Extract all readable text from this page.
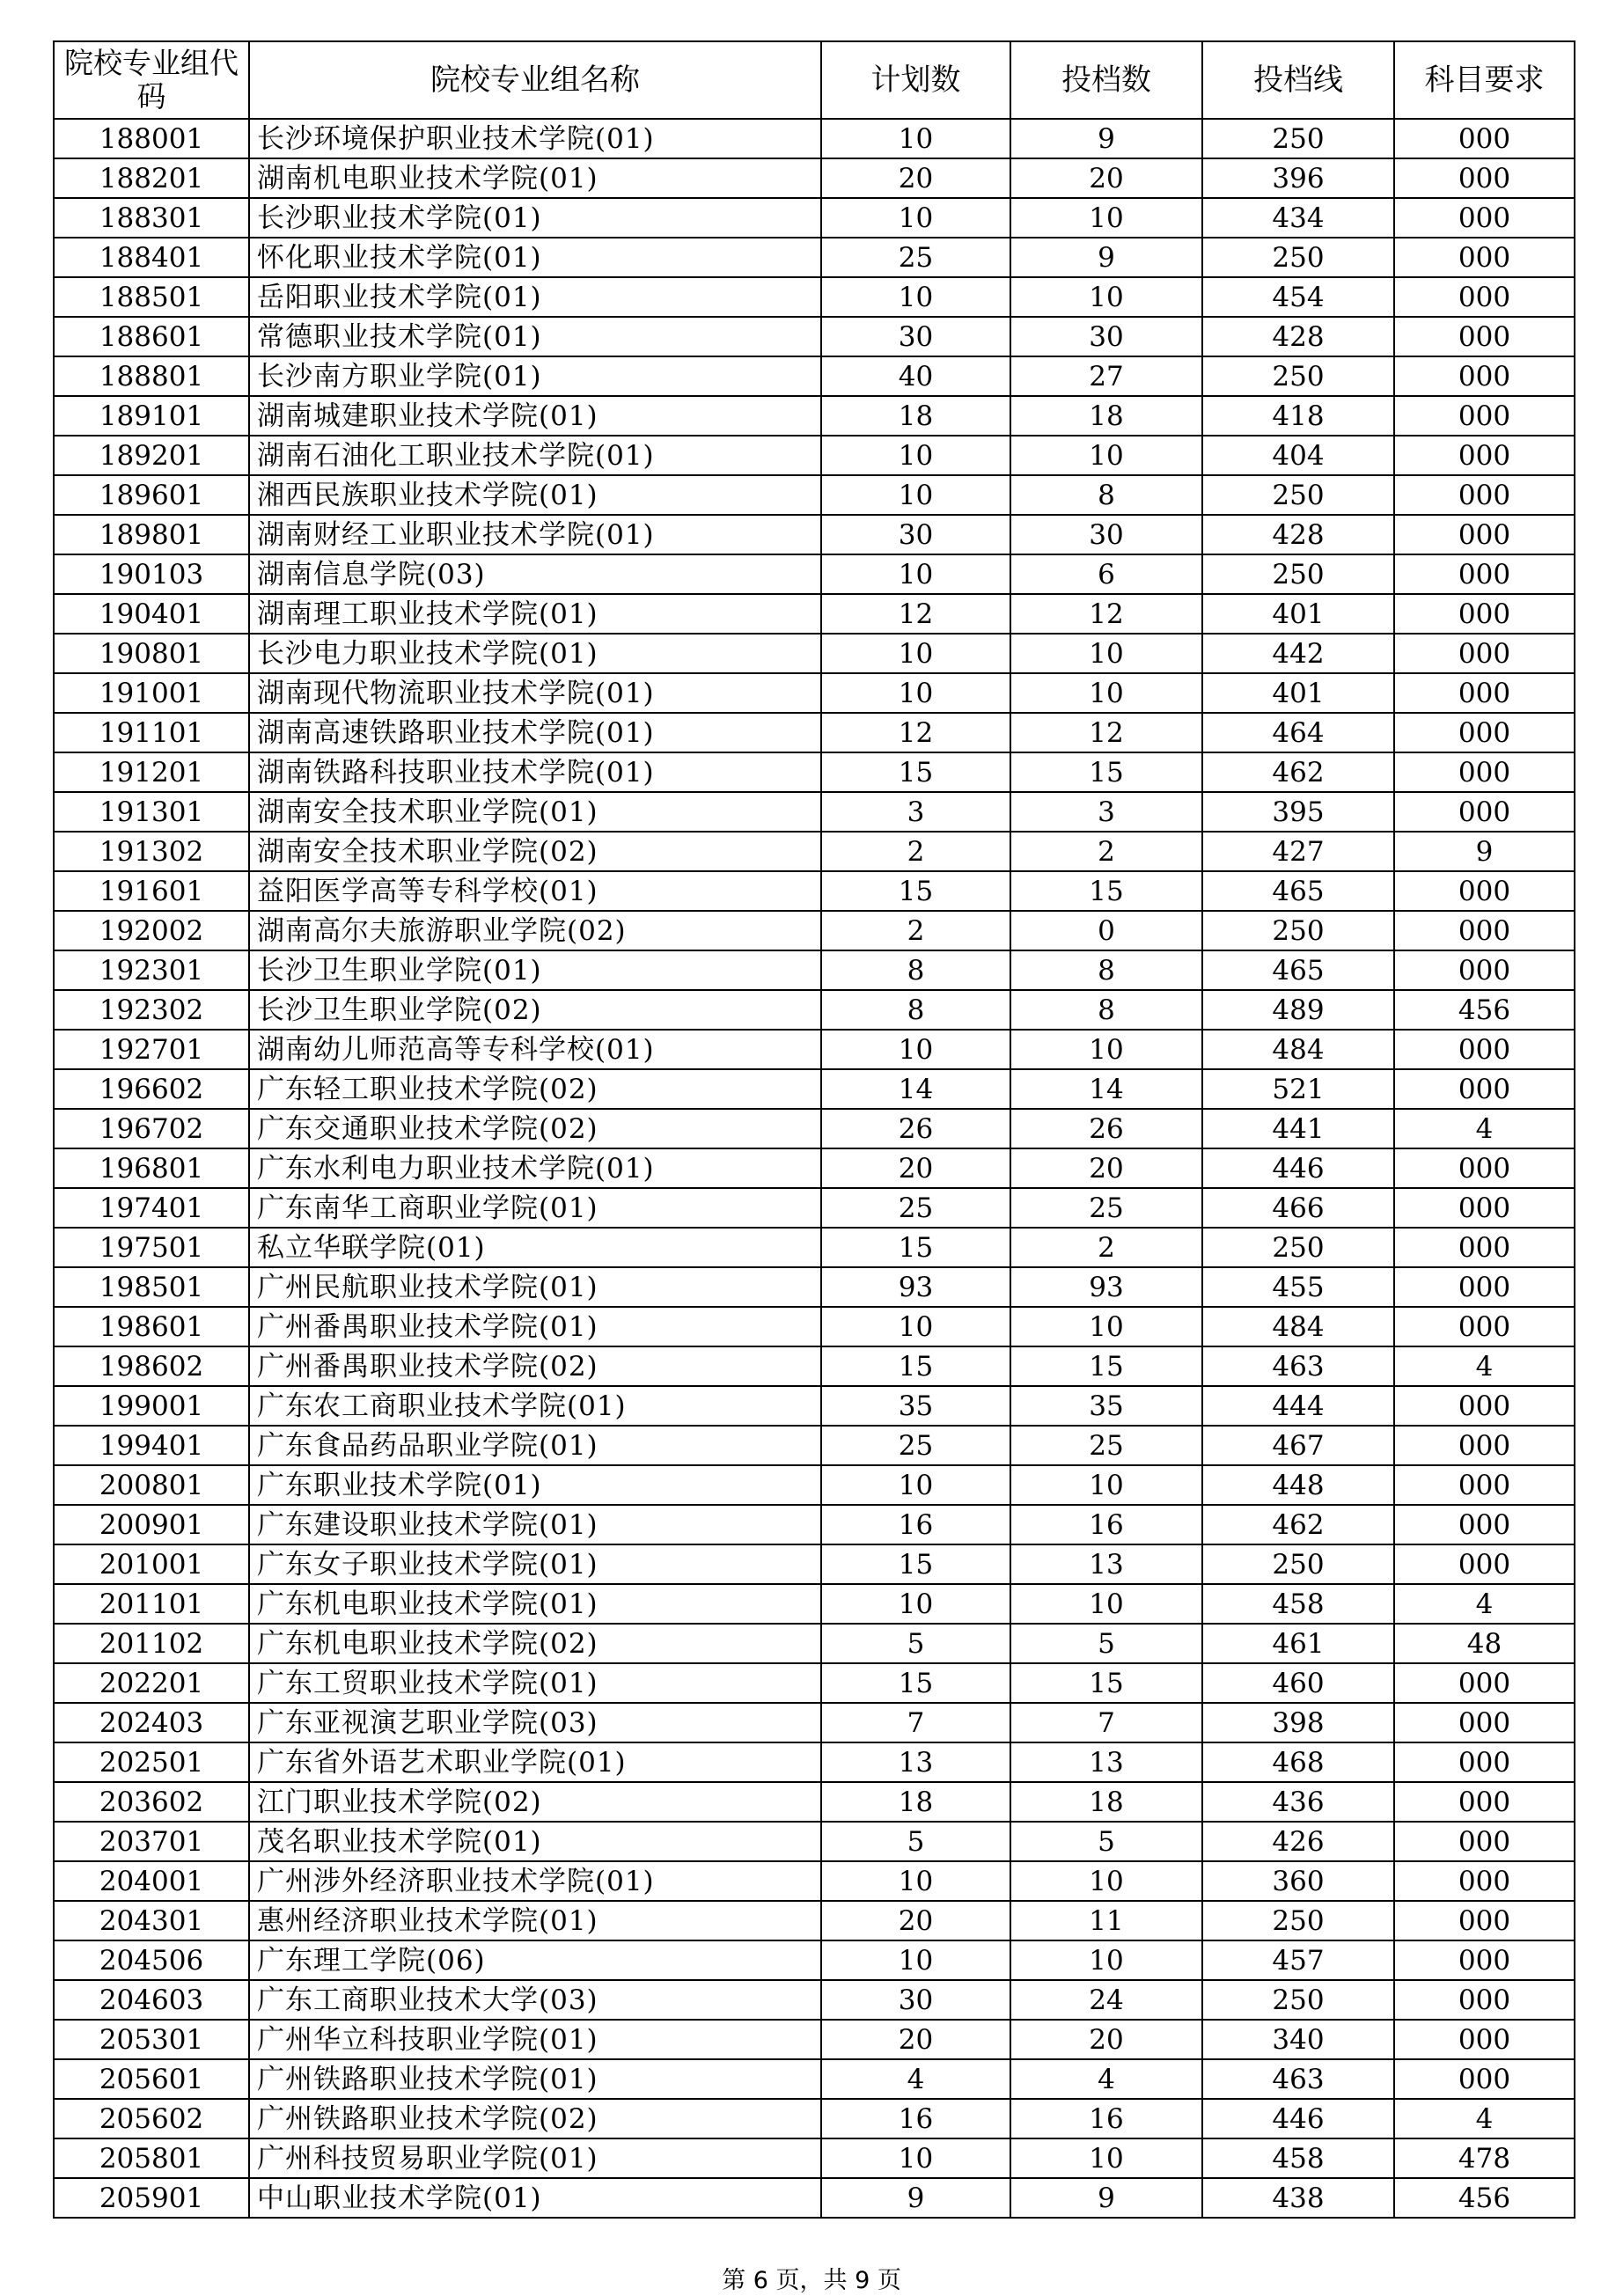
院校专业组代码	院校专业组名称	计划数	投档数	投档线	科目要求
188001	长沙环境保护职业技术学院(01)	10	9	250	000
188201	湖南机电职业技术学院(01)	20	20	396	000
188301	长沙职业技术学院(01)	10	10	434	000
188401	怀化职业技术学院(01)	25	9	250	000
188501	岳阳职业技术学院(01)	10	10	454	000
188601	常德职业技术学院(01)	30	30	428	000
188801	长沙南方职业学院(01)	40	27	250	000
189101	湖南城建职业技术学院(01)	18	18	418	000
189201	湖南石油化工职业技术学院(01)	10	10	404	000
189601	湘西民族职业技术学院(01)	10	8	250	000
189801	湖南财经工业职业技术学院(01)	30	30	428	000
190103	湖南信息学院(03)	10	6	250	000
190401	湖南理工职业技术学院(01)	12	12	401	000
190801	长沙电力职业技术学院(01)	10	10	442	000
191001	湖南现代物流职业技术学院(01)	10	10	401	000
191101	湖南高速铁路职业技术学院(01)	12	12	464	000
191201	湖南铁路科技职业技术学院(01)	15	15	462	000
191301	湖南安全技术职业学院(01)	3	3	395	000
191302	湖南安全技术职业学院(02)	2	2	427	9
191601	益阳医学高等专科学校(01)	15	15	465	000
192002	湖南高尔夫旅游职业学院(02)	2	0	250	000
192301	长沙卫生职业学院(01)	8	8	465	000
192302	长沙卫生职业学院(02)	8	8	489	456
192701	湖南幼儿师范高等专科学校(01)	10	10	484	000
196602	广东轻工职业技术学院(02)	14	14	521	000
196702	广东交通职业技术学院(02)	26	26	441	4
196801	广东水利电力职业技术学院(01)	20	20	446	000
197401	广东南华工商职业学院(01)	25	25	466	000
197501	私立华联学院(01)	15	2	250	000
198501	广州民航职业技术学院(01)	93	93	455	000
198601	广州番禺职业技术学院(01)	10	10	484	000
198602	广州番禺职业技术学院(02)	15	15	463	4
199001	广东农工商职业技术学院(01)	35	35	444	000
199401	广东食品药品职业学院(01)	25	25	467	000
200801	广东职业技术学院(01)	10	10	448	000
200901	广东建设职业技术学院(01)	16	16	462	000
201001	广东女子职业技术学院(01)	15	13	250	000
201101	广东机电职业技术学院(01)	10	10	458	4
201102	广东机电职业技术学院(02)	5	5	461	48
202201	广东工贸职业技术学院(01)	15	15	460	000
202403	广东亚视演艺职业学院(03)	7	7	398	000
202501	广东省外语艺术职业学院(01)	13	13	468	000
203602	江门职业技术学院(02)	18	18	436	000
203701	茂名职业技术学院(01)	5	5	426	000
204001	广州涉外经济职业技术学院(01)	10	10	360	000
204301	惠州经济职业技术学院(01)	20	11	250	000
204506	广东理工学院(06)	10	10	457	000
204603	广东工商职业技术大学(03)	30	24	250	000
205301	广州华立科技职业学院(01)	20	20	340	000
205601	广州铁路职业技术学院(01)	4	4	463	000
205602	广州铁路职业技术学院(02)	16	16	446	4
205801	广州科技贸易职业学院(01)	10	10	458	478
205901	中山职业技术学院(01)	9	9	438	456
第 6 页，共 9 页
